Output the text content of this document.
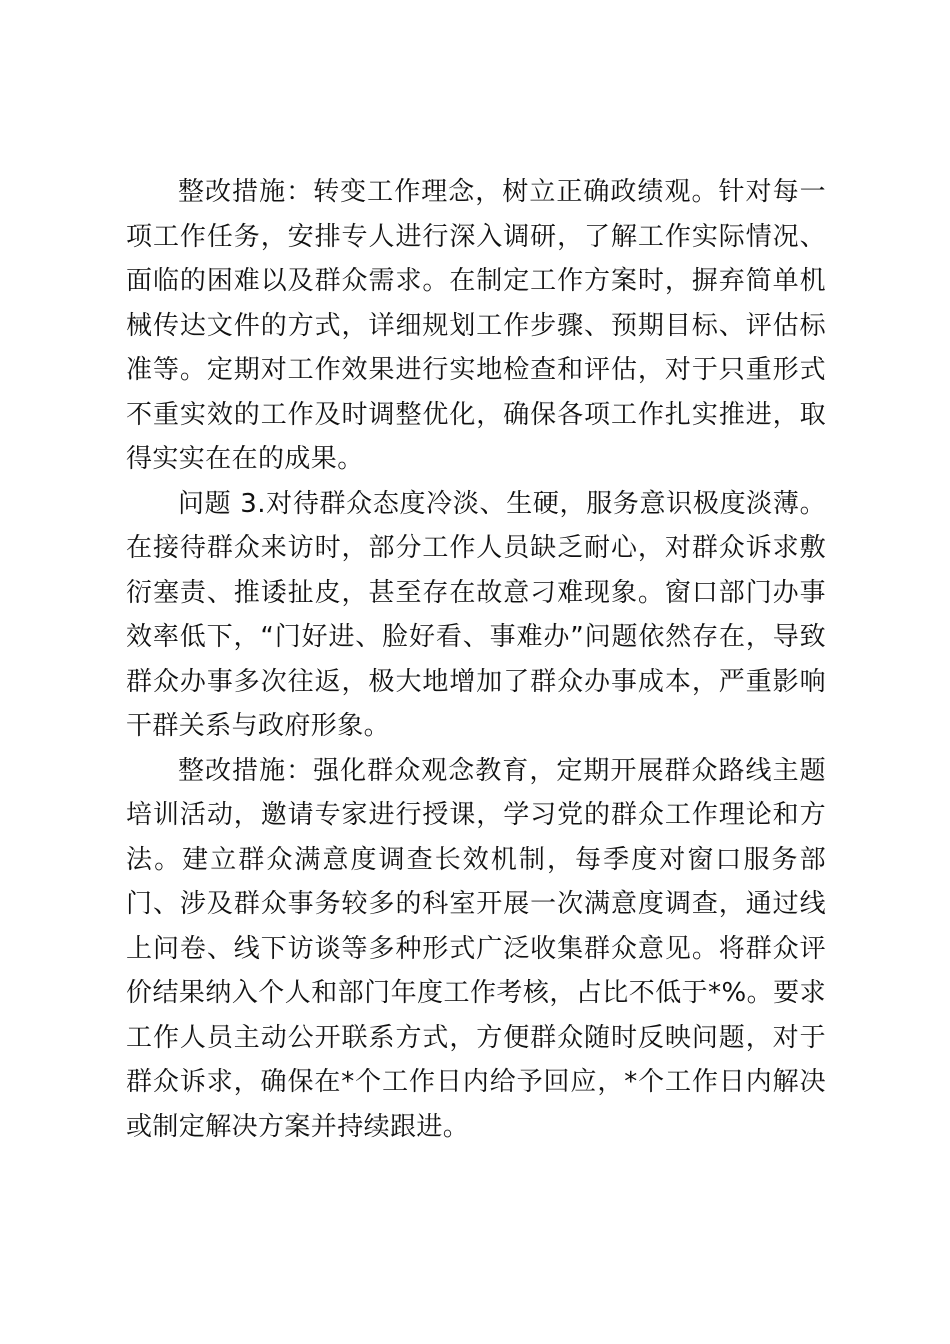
整改措施：转变工作理念，树立正确政绩观。针对每一项工作任务，安排专人进行深入调研，了解工作实际情况、面临的困难以及群众需求。在制定工作方案时，摒弃简单机械传达文件的方式，详细规划工作步骤、预期目标、评估标准等。定期对工作效果进行实地检查和评估，对于只重形式不重实效的工作及时调整优化，确保各项工作扎实推进，取得实实在在的成果。

问题 3.对待群众态度冷淡、生硬，服务意识极度淡薄。在接待群众来访时，部分工作人员缺乏耐心，对群众诉求敷衍塞责、推诿扯皮，甚至存在故意刁难现象。窗口部门办事效率低下，“门好进、脸好看、事难办”问题依然存在，导致群众办事多次往返，极大地增加了群众办事成本，严重影响干群关系与政府形象。

整改措施：强化群众观念教育，定期开展群众路线主题培训活动，邀请专家进行授课，学习党的群众工作理论和方法。建立群众满意度调查长效机制，每季度对窗口服务部门、涉及群众事务较多的科室开展一次满意度调查，通过线上问卷、线下访谈等多种形式广泛收集群众意见。将群众评价结果纳入个人和部门年度工作考核，占比不低于*%。要求工作人员主动公开联系方式，方便群众随时反映问题，对于群众诉求，确保在*个工作日内给予回应，*个工作日内解决或制定解决方案并持续跟进。
